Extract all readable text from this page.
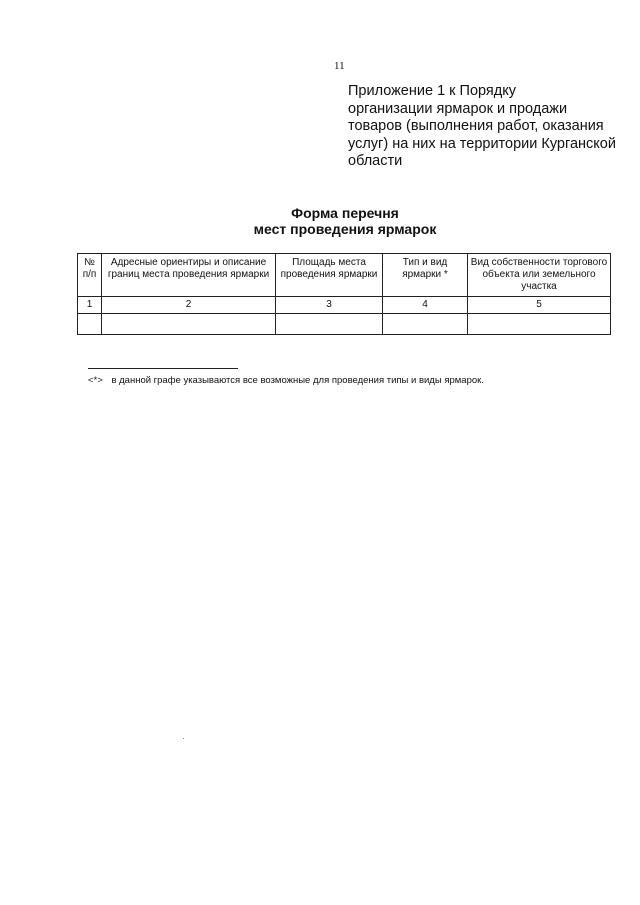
11
Приложение 1 к Порядку
организации ярмарок и продажи
товаров (выполнения работ, оказания
услуг) на них на территории Курганской
области
Форма перечня
мест проведения ярмарок
№ п/п	Адресные ориентиры и описание границ места проведения ярмарки	Площадь места проведения ярмарки	Тип и вид ярмарки *	Вид собственности торгового объекта или земельного участка
1	2	3	4	5

<*> в данной графе указываются все возможные для проведения типы и виды ярмарок.
